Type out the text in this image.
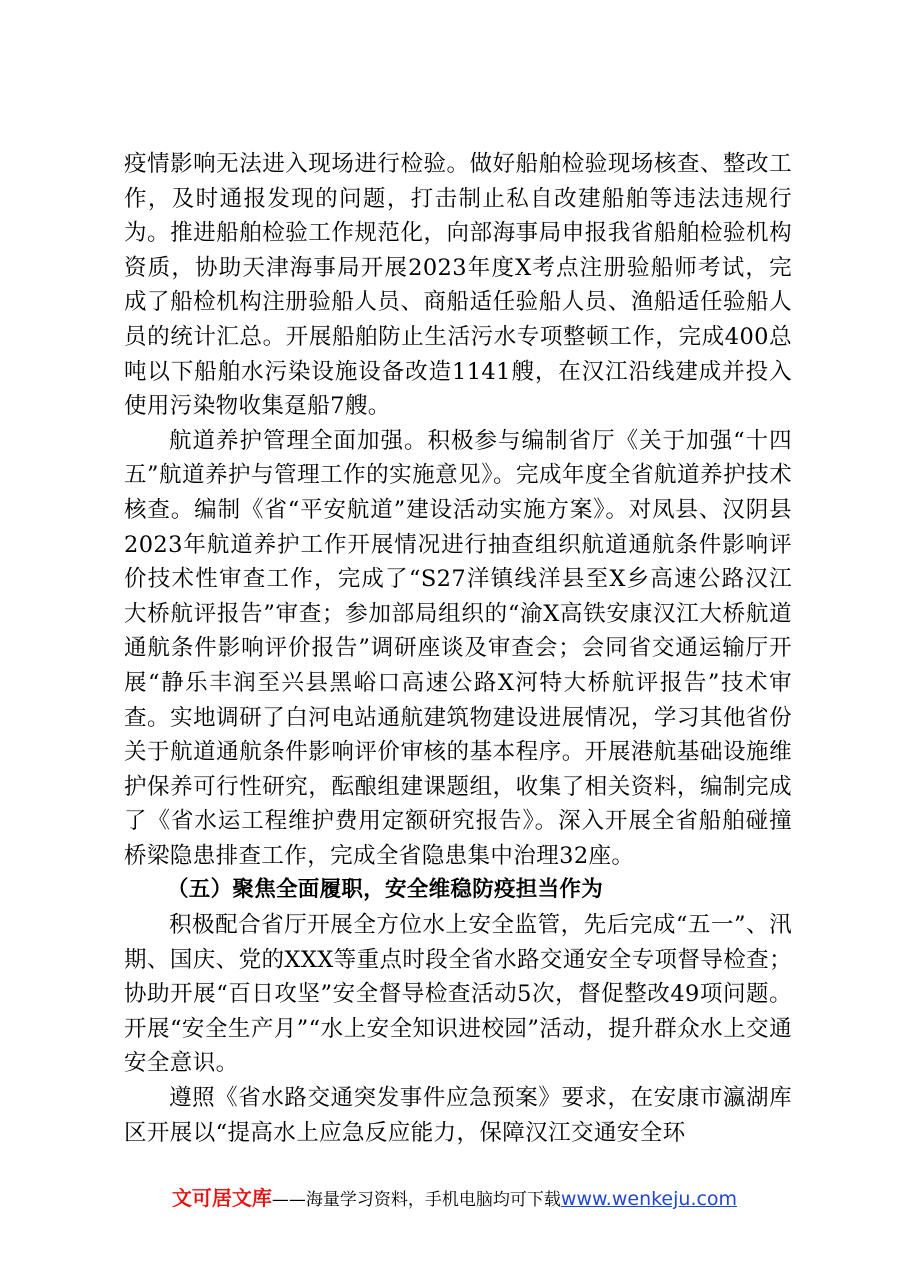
疫情影响无法进入现场进行检验。做好船舶检验现场核查、整改工作，及时通报发现的问题，打击制止私自改建船舶等违法违规行为。推进船舶检验工作规范化，向部海事局申报我省船舶检验机构资质，协助天津海事局开展2023年度X考点注册验船师考试，完成了船检机构注册验船人员、商船适任验船人员、渔船适任验船人员的统计汇总。开展船舶防止生活污水专项整顿工作，完成400总吨以下船舶水污染设施设备改造1141艘，在汉江沿线建成并投入使用污染物收集趸船7艘。

航道养护管理全面加强。积极参与编制省厅《关于加强“十四五”航道养护与管理工作的实施意见》。完成年度全省航道养护技术核查。编制《省“平安航道”建设活动实施方案》。对凤县、汉阴县2023年航道养护工作开展情况进行抽查组织航道通航条件影响评价技术性审查工作，完成了“S27洋镇线洋县至X乡高速公路汉江大桥航评报告”审查；参加部局组织的“渝X高铁安康汉江大桥航道通航条件影响评价报告”调研座谈及审查会；会同省交通运输厅开展“静乐丰润至兴县黑峪口高速公路X河特大桥航评报告”技术审查。实地调研了白河电站通航建筑物建设进展情况，学习其他省份关于航道通航条件影响评价审核的基本程序。开展港航基础设施维护保养可行性研究，酝酿组建课题组，收集了相关资料，编制完成了《省水运工程维护费用定额研究报告》。深入开展全省船舶碰撞桥梁隐患排查工作，完成全省隐患集中治理32座。

（五）聚焦全面履职，安全维稳防疫担当作为

积极配合省厅开展全方位水上安全监管，先后完成“五一”、汛期、国庆、党的XXX等重点时段全省水路交通安全专项督导检查；协助开展“百日攻坚”安全督导检查活动5次，督促整改49项问题。开展“安全生产月”“水上安全知识进校园”活动，提升群众水上交通安全意识。

遵照《省水路交通突发事件应急预案》要求，在安康市瀛湖库区开展以“提高水上应急反应能力，保障汉江交通安全环

文可居文库——海量学习资料，手机电脑均可下载www.wenkeju.com
